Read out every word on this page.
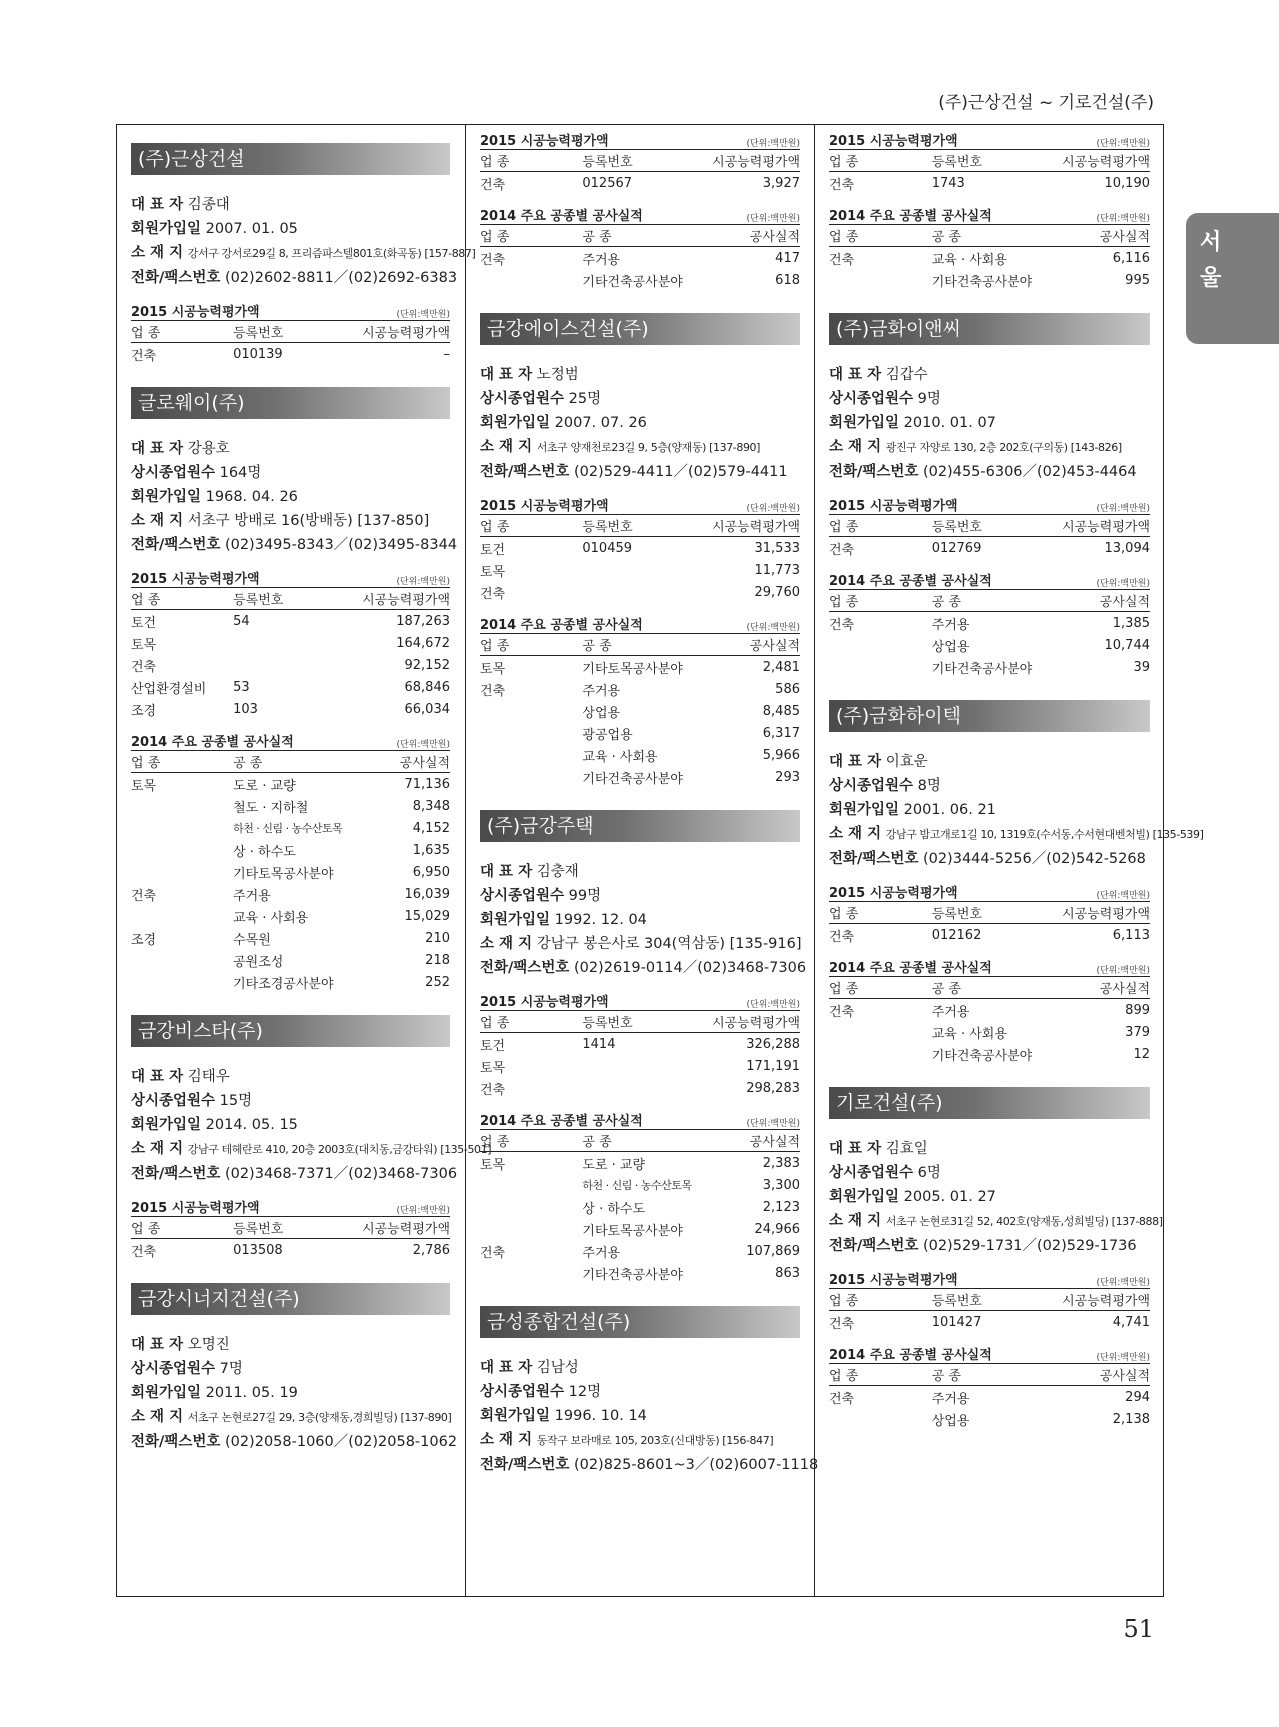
(주)근상건설 ~ 기로건설(주)
서
울
(주)근상건설
대 표 자 김종대
회원가입일 2007. 01. 05
소 재 지 강서구 강서로29길 8, 프리즘파스텔801호(화곡동) [157-887]
전화/팩스번호 (02)2602-8811／(02)2692-6383
2015 시공능력평가액	(단위:백만원)
업 종	등록번호	시공능력평가액
건축	010139	–
글로웨이(주)
대 표 자 강용호
상시종업원수 164명
회원가입일 1968. 04. 26
소 재 지 서초구 방배로 16(방배동) [137-850]
전화/팩스번호 (02)3495-8343／(02)3495-8344
2015 시공능력평가액	(단위:백만원)
업 종	등록번호	시공능력평가액
토건	54	187,263
토목		164,672
건축		92,152
산업환경설비	53	68,846
조경	103	66,034
2014 주요 공종별 공사실적	(단위:백만원)
업 종	공 종	공사실적
토목	도로 · 교량	71,136
	철도 · 지하철	8,348
	하천 · 신림 · 농수산토목	4,152
	상 · 하수도	1,635
	기타토목공사분야	6,950
건축	주거용	16,039
	교육 · 사회용	15,029
조경	수목원	210
	공원조성	218
	기타조경공사분야	252
금강비스타(주)
대 표 자 김태우
상시종업원수 15명
회원가입일 2014. 05. 15
소 재 지 강남구 테헤란로 410, 20층 2003호(대치동,금강타워) [135-501]
전화/팩스번호 (02)3468-7371／(02)3468-7306
2015 시공능력평가액	(단위:백만원)
업 종	등록번호	시공능력평가액
건축	013508	2,786
금강시너지건설(주)
대 표 자 오명진
상시종업원수 7명
회원가입일 2011. 05. 19
소 재 지 서초구 논현로27길 29, 3층(양재동,경희빌딩) [137-890]
전화/팩스번호 (02)2058-1060／(02)2058-1062
2015 시공능력평가액	(단위:백만원)
업 종	등록번호	시공능력평가액
건축	012567	3,927
2014 주요 공종별 공사실적	(단위:백만원)
업 종	공 종	공사실적
건축	주거용	417
	기타건축공사분야	618
금강에이스건설(주)
대 표 자 노정범
상시종업원수 25명
회원가입일 2007. 07. 26
소 재 지 서초구 양재천로23길 9, 5층(양재동) [137-890]
전화/팩스번호 (02)529-4411／(02)579-4411
2015 시공능력평가액	(단위:백만원)
업 종	등록번호	시공능력평가액
토건	010459	31,533
토목		11,773
건축		29,760
2014 주요 공종별 공사실적	(단위:백만원)
업 종	공 종	공사실적
토목	기타토목공사분야	2,481
건축	주거용	586
	상업용	8,485
	광공업용	6,317
	교육 · 사회용	5,966
	기타건축공사분야	293
(주)금강주택
대 표 자 김충재
상시종업원수 99명
회원가입일 1992. 12. 04
소 재 지 강남구 봉은사로 304(역삼동) [135-916]
전화/팩스번호 (02)2619-0114／(02)3468-7306
2015 시공능력평가액	(단위:백만원)
업 종	등록번호	시공능력평가액
토건	1414	326,288
토목		171,191
건축		298,283
2014 주요 공종별 공사실적	(단위:백만원)
업 종	공 종	공사실적
토목	도로 · 교량	2,383
	하천 · 신림 · 농수산토목	3,300
	상 · 하수도	2,123
	기타토목공사분야	24,966
건축	주거용	107,869
	기타건축공사분야	863
금성종합건설(주)
대 표 자 김남성
상시종업원수 12명
회원가입일 1996. 10. 14
소 재 지 동작구 보라매로 105, 203호(신대방동) [156-847]
전화/팩스번호 (02)825-8601~3／(02)6007-1118
2015 시공능력평가액	(단위:백만원)
업 종	등록번호	시공능력평가액
건축	1743	10,190
2014 주요 공종별 공사실적	(단위:백만원)
업 종	공 종	공사실적
건축	교육 · 사회용	6,116
	기타건축공사분야	995
(주)금화이앤씨
대 표 자 김갑수
상시종업원수 9명
회원가입일 2010. 01. 07
소 재 지 광진구 자양로 130, 2층 202호(구의동) [143-826]
전화/팩스번호 (02)455-6306／(02)453-4464
2015 시공능력평가액	(단위:백만원)
업 종	등록번호	시공능력평가액
건축	012769	13,094
2014 주요 공종별 공사실적	(단위:백만원)
업 종	공 종	공사실적
건축	주거용	1,385
	상업용	10,744
	기타건축공사분야	39
(주)금화하이텍
대 표 자 이효운
상시종업원수 8명
회원가입일 2001. 06. 21
소 재 지 강남구 밤고개로1길 10, 1319호(수서동,수서현대벤처빌) [135-539]
전화/팩스번호 (02)3444-5256／(02)542-5268
2015 시공능력평가액	(단위:백만원)
업 종	등록번호	시공능력평가액
건축	012162	6,113
2014 주요 공종별 공사실적	(단위:백만원)
업 종	공 종	공사실적
건축	주거용	899
	교육 · 사회용	379
	기타건축공사분야	12
기로건설(주)
대 표 자 김효일
상시종업원수 6명
회원가입일 2005. 01. 27
소 재 지 서초구 논현로31길 52, 402호(양재동,성희빌딩) [137-888]
전화/팩스번호 (02)529-1731／(02)529-1736
2015 시공능력평가액	(단위:백만원)
업 종	등록번호	시공능력평가액
건축	101427	4,741
2014 주요 공종별 공사실적	(단위:백만원)
업 종	공 종	공사실적
건축	주거용	294
	상업용	2,138
51
